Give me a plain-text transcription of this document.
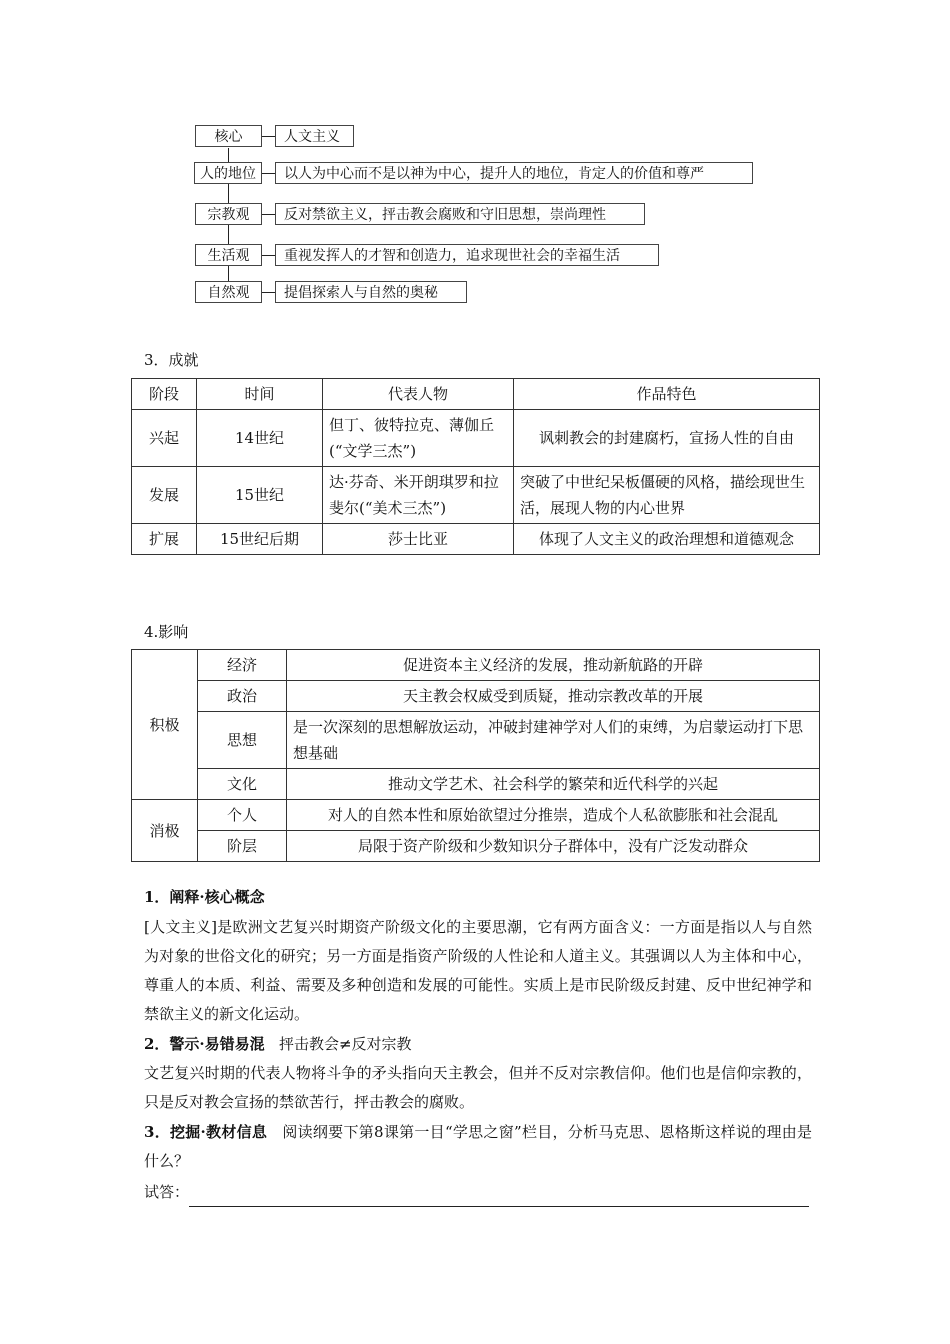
核心	人文主义
人的地位	以人为中心而不是以神为中心，提升人的地位，肯定人的价值和尊严
宗教观	反对禁欲主义，抨击教会腐败和守旧思想，崇尚理性
生活观	重视发挥人的才智和创造力，追求现世社会的幸福生活
自然观	提倡探索人与自然的奥秘
3．成就
阶段	时间	代表人物	作品特色
兴起	14世纪	但丁、彼特拉克、薄伽丘(“文学三杰”)	讽刺教会的封建腐朽，宣扬人性的自由
发展	15世纪	达·芬奇、米开朗琪罗和拉斐尔(“美术三杰”)	突破了中世纪呆板僵硬的风格，描绘现世生活，展现人物的内心世界
扩展	15世纪后期	莎士比亚	体现了人文主义的政治理想和道德观念
4.影响
积极	经济	促进资本主义经济的发展，推动新航路的开辟
	政治	天主教会权威受到质疑，推动宗教改革的开展
	思想	是一次深刻的思想解放运动，冲破封建神学对人们的束缚，为启蒙运动打下思想基础
	文化	推动文学艺术、社会科学的繁荣和近代科学的兴起
消极	个人	对人的自然本性和原始欲望过分推崇，造成个人私欲膨胀和社会混乱
	阶层	局限于资产阶级和少数知识分子群体中，没有广泛发动群众
1．阐释·核心概念
[人文主义]是欧洲文艺复兴时期资产阶级文化的主要思潮，它有两方面含义：一方面是指以人与自然为对象的世俗文化的研究；另一方面是指资产阶级的人性论和人道主义。其强调以人为主体和中心，尊重人的本质、利益、需要及多种创造和发展的可能性。实质上是市民阶级反封建、反中世纪神学和禁欲主义的新文化运动。
2．警示·易错易混 抨击教会≠反对宗教
文艺复兴时期的代表人物将斗争的矛头指向天主教会，但并不反对宗教信仰。他们也是信仰宗教的，只是反对教会宣扬的禁欲苦行，抨击教会的腐败。
3．挖掘·教材信息 阅读纲要下第8课第一目“学思之窗”栏目，分析马克思、恩格斯这样说的理由是什么？
试答：
